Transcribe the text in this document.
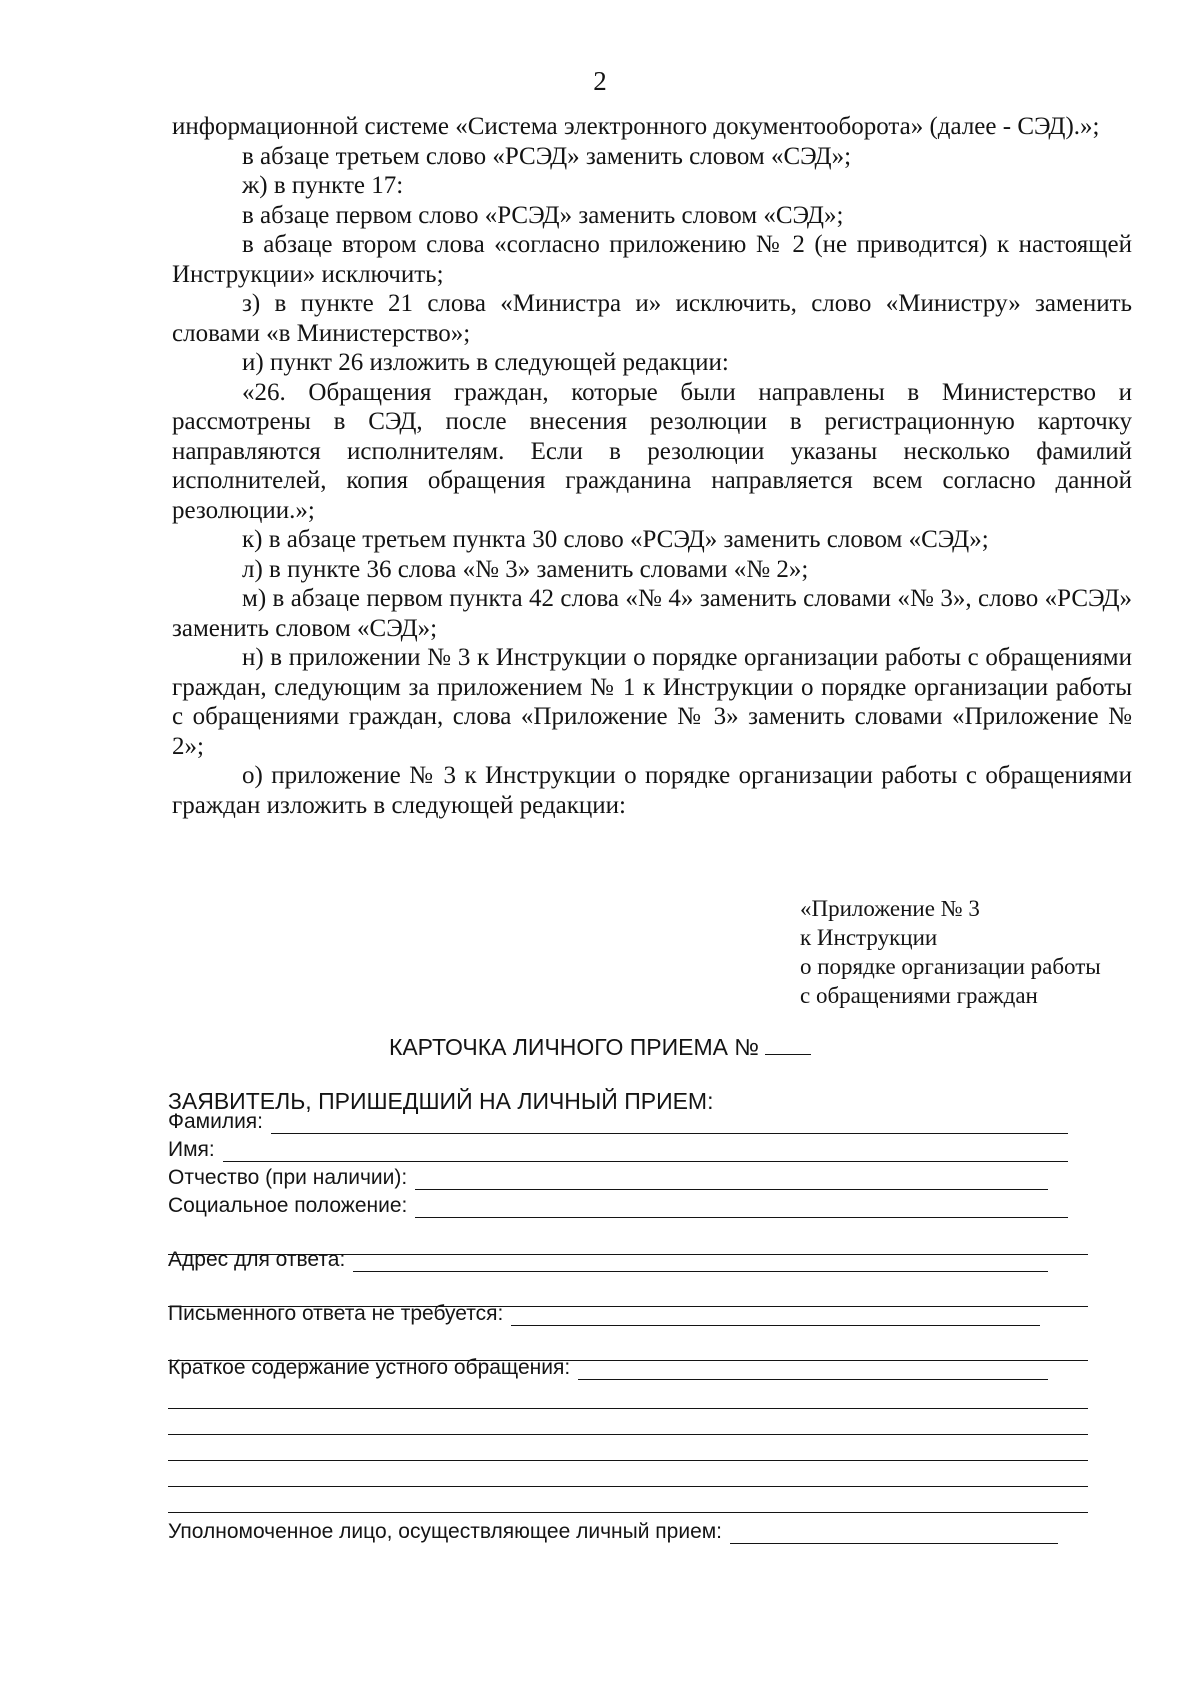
2

информационной системе «Система электронного документооборота» (далее - СЭД).»;

в абзаце третьем слово «РСЭД» заменить словом «СЭД»;

ж) в пункте 17:

в абзаце первом слово «РСЭД» заменить словом «СЭД»;

в абзаце втором слова «согласно приложению № 2 (не приводится) к настоящей Инструкции» исключить;

з) в пункте 21 слова «Министра и» исключить, слово «Министру» заменить словами «в Министерство»;

и) пункт 26 изложить в следующей редакции:

«26. Обращения граждан, которые были направлены в Министерство и рассмотрены в СЭД, после внесения резолюции в регистрационную карточку направляются исполнителям. Если в резолюции указаны несколько фамилий исполнителей, копия обращения гражданина направляется всем согласно данной резолюции.»;

к) в абзаце третьем пункта 30 слово «РСЭД» заменить словом «СЭД»;

л) в пункте 36 слова «№ 3» заменить словами «№ 2»;

м) в абзаце первом пункта 42 слова «№ 4» заменить словами «№ 3», слово «РСЭД» заменить словом «СЭД»;

н) в приложении № 3 к Инструкции о порядке организации работы с обращениями граждан, следующим за приложением № 1 к Инструкции о порядке организации работы с обращениями граждан, слова «Приложение № 3» заменить словами «Приложение № 2»;

о) приложение № 3 к Инструкции о порядке организации работы с обращениями граждан изложить в следующей редакции:

«Приложение № 3
к Инструкции
о порядке организации работы
с обращениями граждан
КАРТОЧКА ЛИЧНОГО ПРИЕМА №
ЗАЯВИТЕЛЬ, ПРИШЕДШИЙ НА ЛИЧНЫЙ ПРИЕМ:
Фамилия:
Имя:
Отчество (при наличии):
Социальное положение:
Адрес для ответа:
Письменного ответа не требуется:
Краткое содержание устного обращения:
Уполномоченное лицо, осуществляющее личный прием:
